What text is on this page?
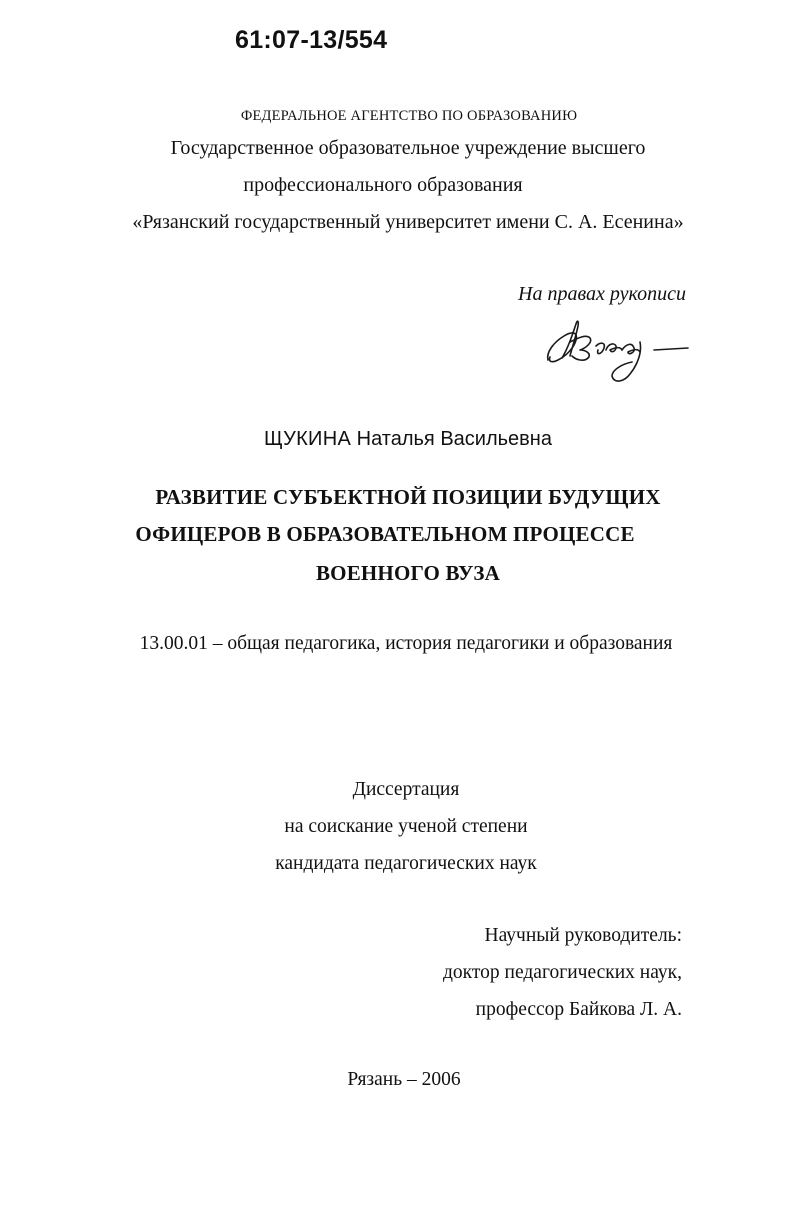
61:07-13/554
ФЕДЕРАЛЬНОЕ АГЕНТСТВО ПО ОБРАЗОВАНИЮ
Государственное образовательное учреждение высшего
профессионального образования
«Рязанский государственный университет имени С. А. Есенина»
На правах рукописи
ЩУКИНА Наталья Васильевна
РАЗВИТИЕ СУБЪЕКТНОЙ ПОЗИЦИИ БУДУЩИХ
ОФИЦЕРОВ В ОБРАЗОВАТЕЛЬНОМ ПРОЦЕССЕ
ВОЕННОГО ВУЗА
13.00.01 – общая педагогика, история педагогики и образования
Диссертация
на соискание ученой степени
кандидата педагогических наук
Научный руководитель:
доктор педагогических наук,
профессор Байкова Л. А.
Рязань – 2006
